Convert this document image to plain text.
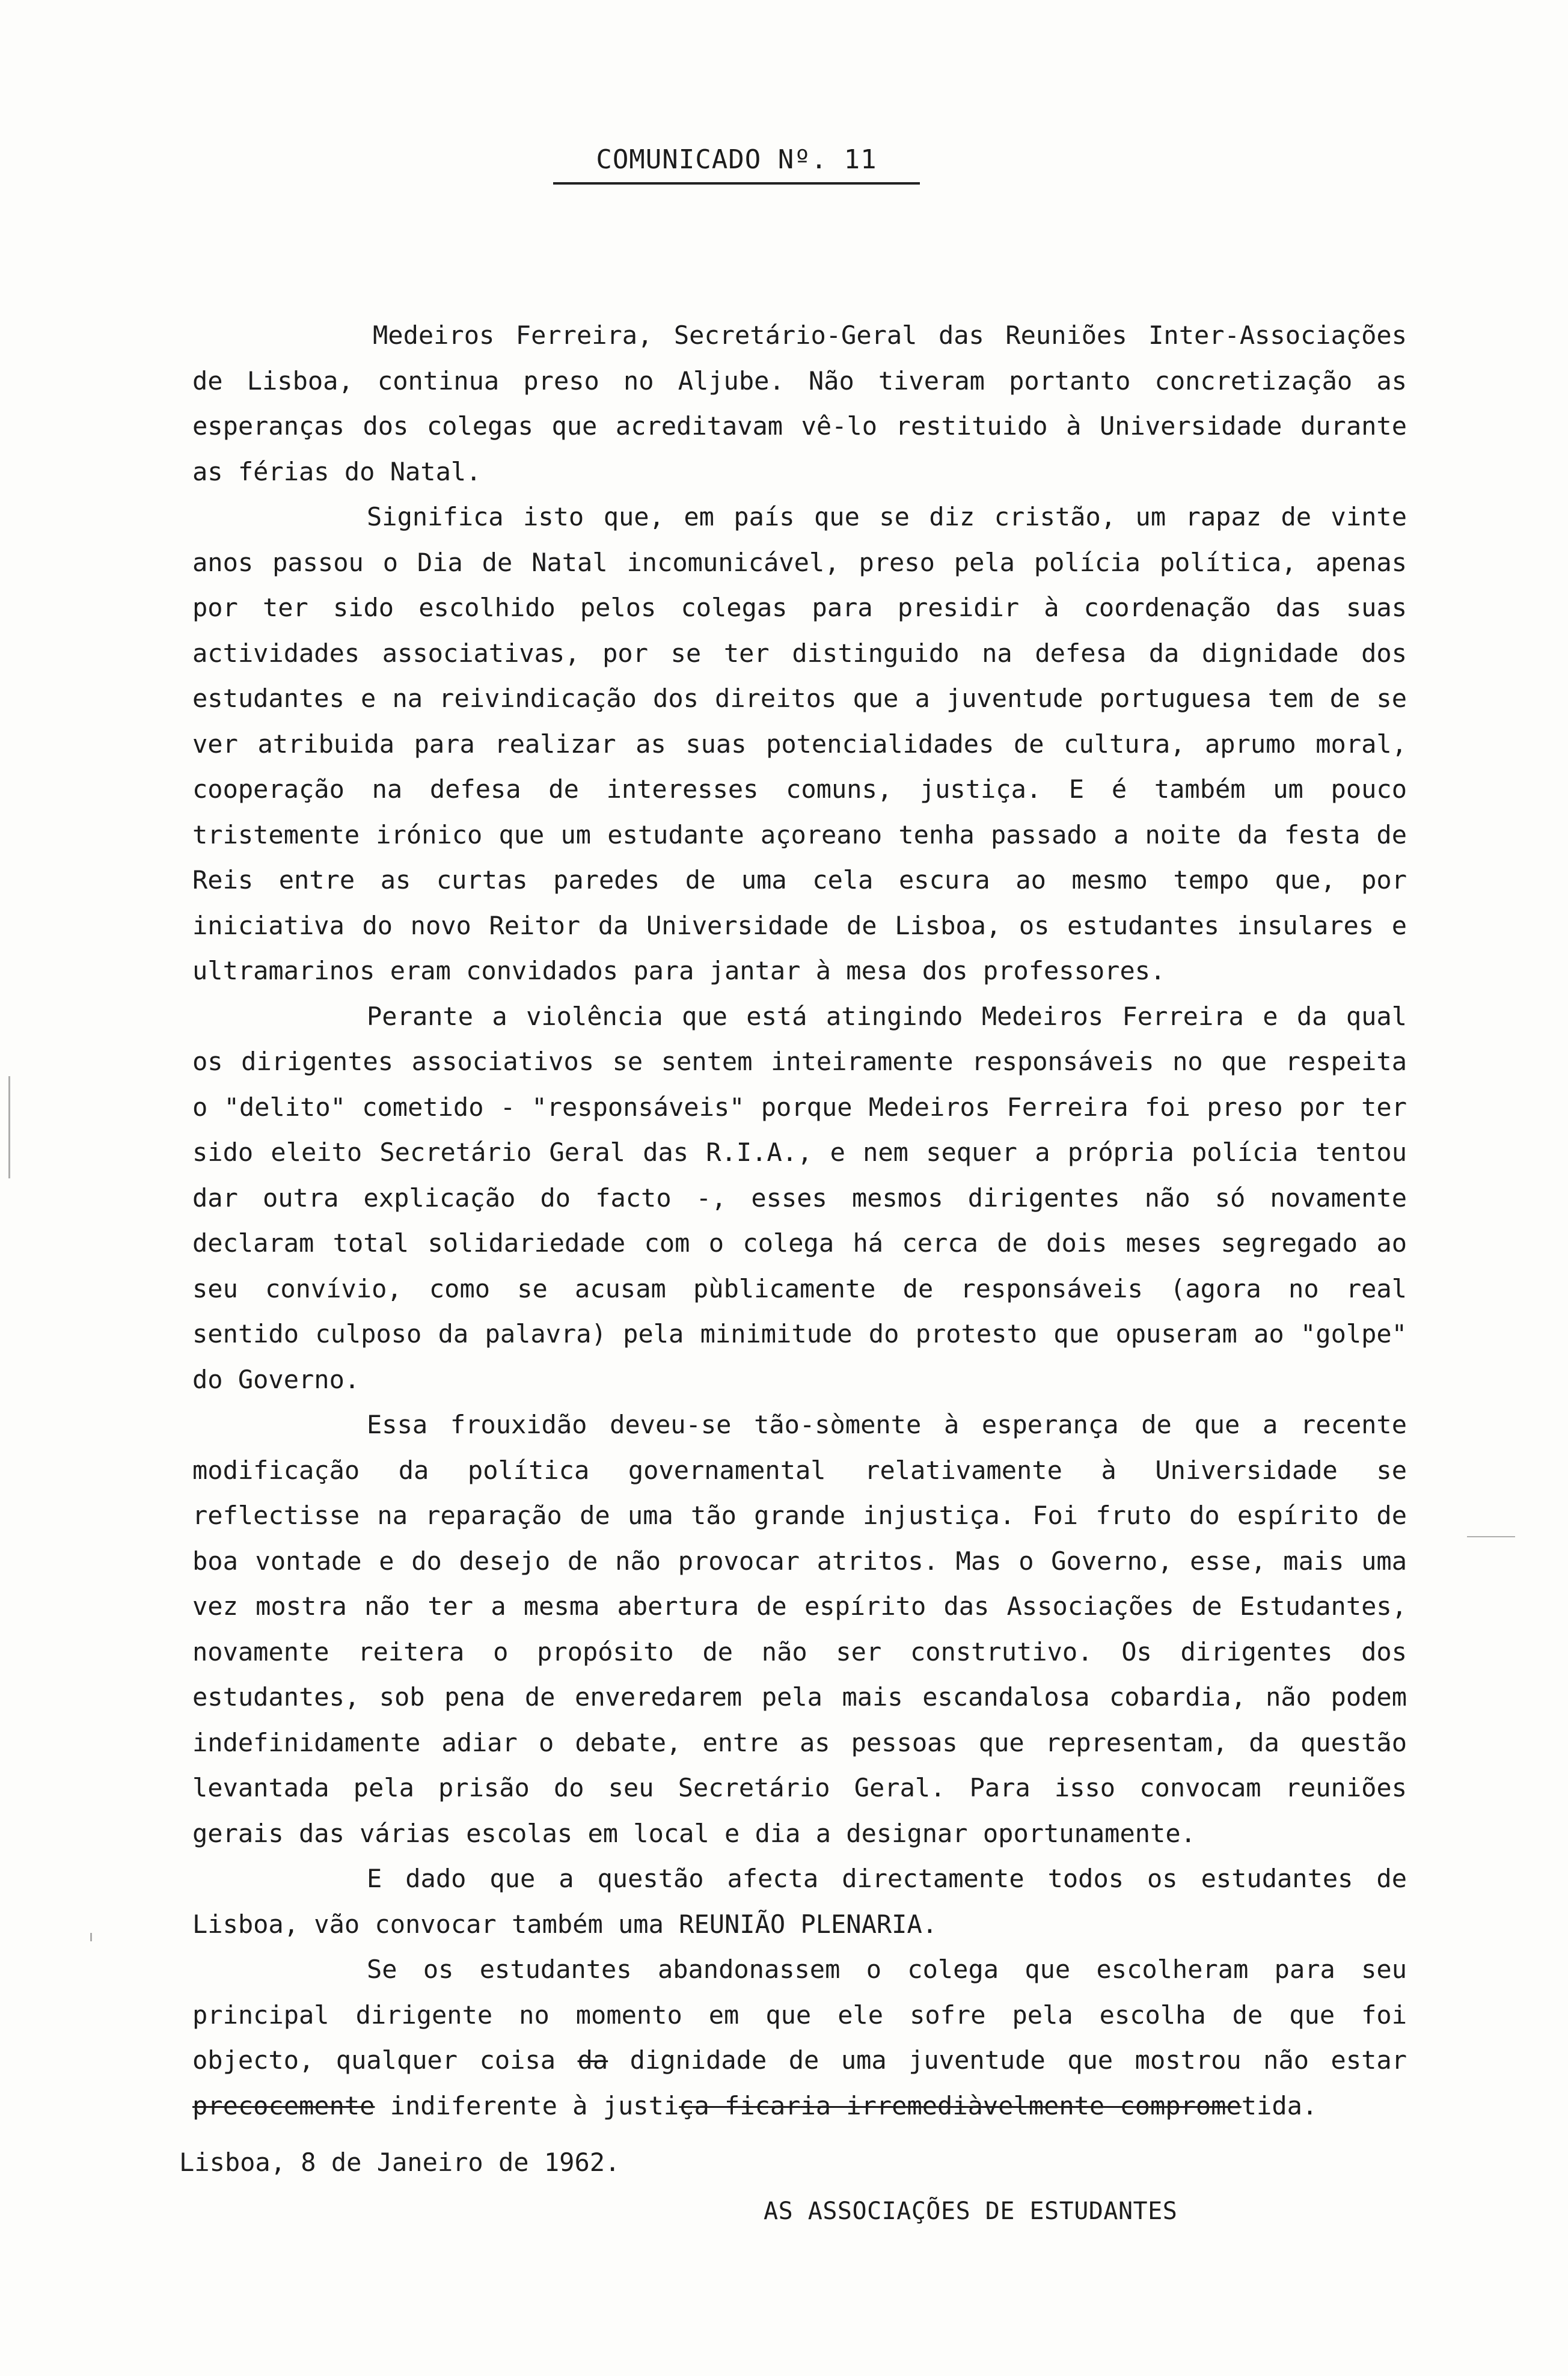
COMUNICADO Nº. 11

Medeiros Ferreira, Secretário-Geral das Reuniões Inter-Associações de Lisboa, continua preso no Aljube. Não tiveram portanto concretização as esperanças dos colegas que acreditavam vê-lo restituido à Universidade durante as férias do Natal.

Significa isto que, em país que se diz cristão, um rapaz de vinte anos passou o Dia de Natal incomunicável, preso pela polícia política, apenas por ter sido escolhido pelos colegas para presidir à coordenação das suas actividades associativas, por se ter distinguido na defesa da dignidade dos estudantes e na reivindicação dos direitos que a juventude portuguesa tem de se ver atribuida para realizar as suas potencialidades de cultura, aprumo moral, cooperação na defesa de interesses comuns, justiça. E é também um pouco tristemente irónico que um estudante açoreano tenha passado a noite da festa de Reis entre as curtas paredes de uma cela escura ao mesmo tempo que, por iniciativa do novo Reitor da Universidade de Lisboa, os estudantes insulares e ultramarinos eram convidados para jantar à mesa dos professores.

Perante a violência que está atingindo Medeiros Ferreira e da qual os dirigentes associativos se sentem inteiramente responsáveis no que respeita o "delito" cometido - "responsáveis" porque Medeiros Ferreira foi preso por ter sido eleito Secretário Geral das R.I.A., e nem sequer a própria polícia tentou dar outra explicação do facto -, esses mesmos dirigentes não só novamente declaram total solidariedade com o colega há cerca de dois meses segregado ao seu convívio, como se acusam pùblicamente de responsáveis (agora no real sentido culposo da palavra) pela minimitude do protesto que opuseram ao "golpe" do Governo.

Essa frouxidão deveu-se tão-sòmente à esperança de que a recente modificação da política governamental relativamente à Universidade se reflectisse na reparação de uma tão grande injustiça. Foi fruto do espírito de boa vontade e do desejo de não provocar atritos. Mas o Governo, esse, mais uma vez mostra não ter a mesma abertura de espírito das Associações de Estudantes, novamente reitera o propósito de não ser construtivo. Os dirigentes dos estudantes, sob pena de enveredarem pela mais escandalosa cobardia, não podem indefinidamente adiar o debate, entre as pessoas que representam, da questão levantada pela prisão do seu Secretário Geral. Para isso convocam reuniões gerais das várias escolas em local e dia a designar oportunamente.

E dado que a questão afecta directamente todos os estudantes de Lisboa, vão convocar também uma REUNIÃO PLENARIA.

Se os estudantes abandonassem o colega que escolheram para seu principal dirigente no momento em que ele sofre pela escolha de que foi objecto, qualquer coisa da dignidade de uma juventude que mostrou não estar precocemente indiferente à justiça ficaria irremediàvelmente comprometida.

Lisboa, 8 de Janeiro de 1962.
AS ASSOCIAÇÕES DE ESTUDANTES
